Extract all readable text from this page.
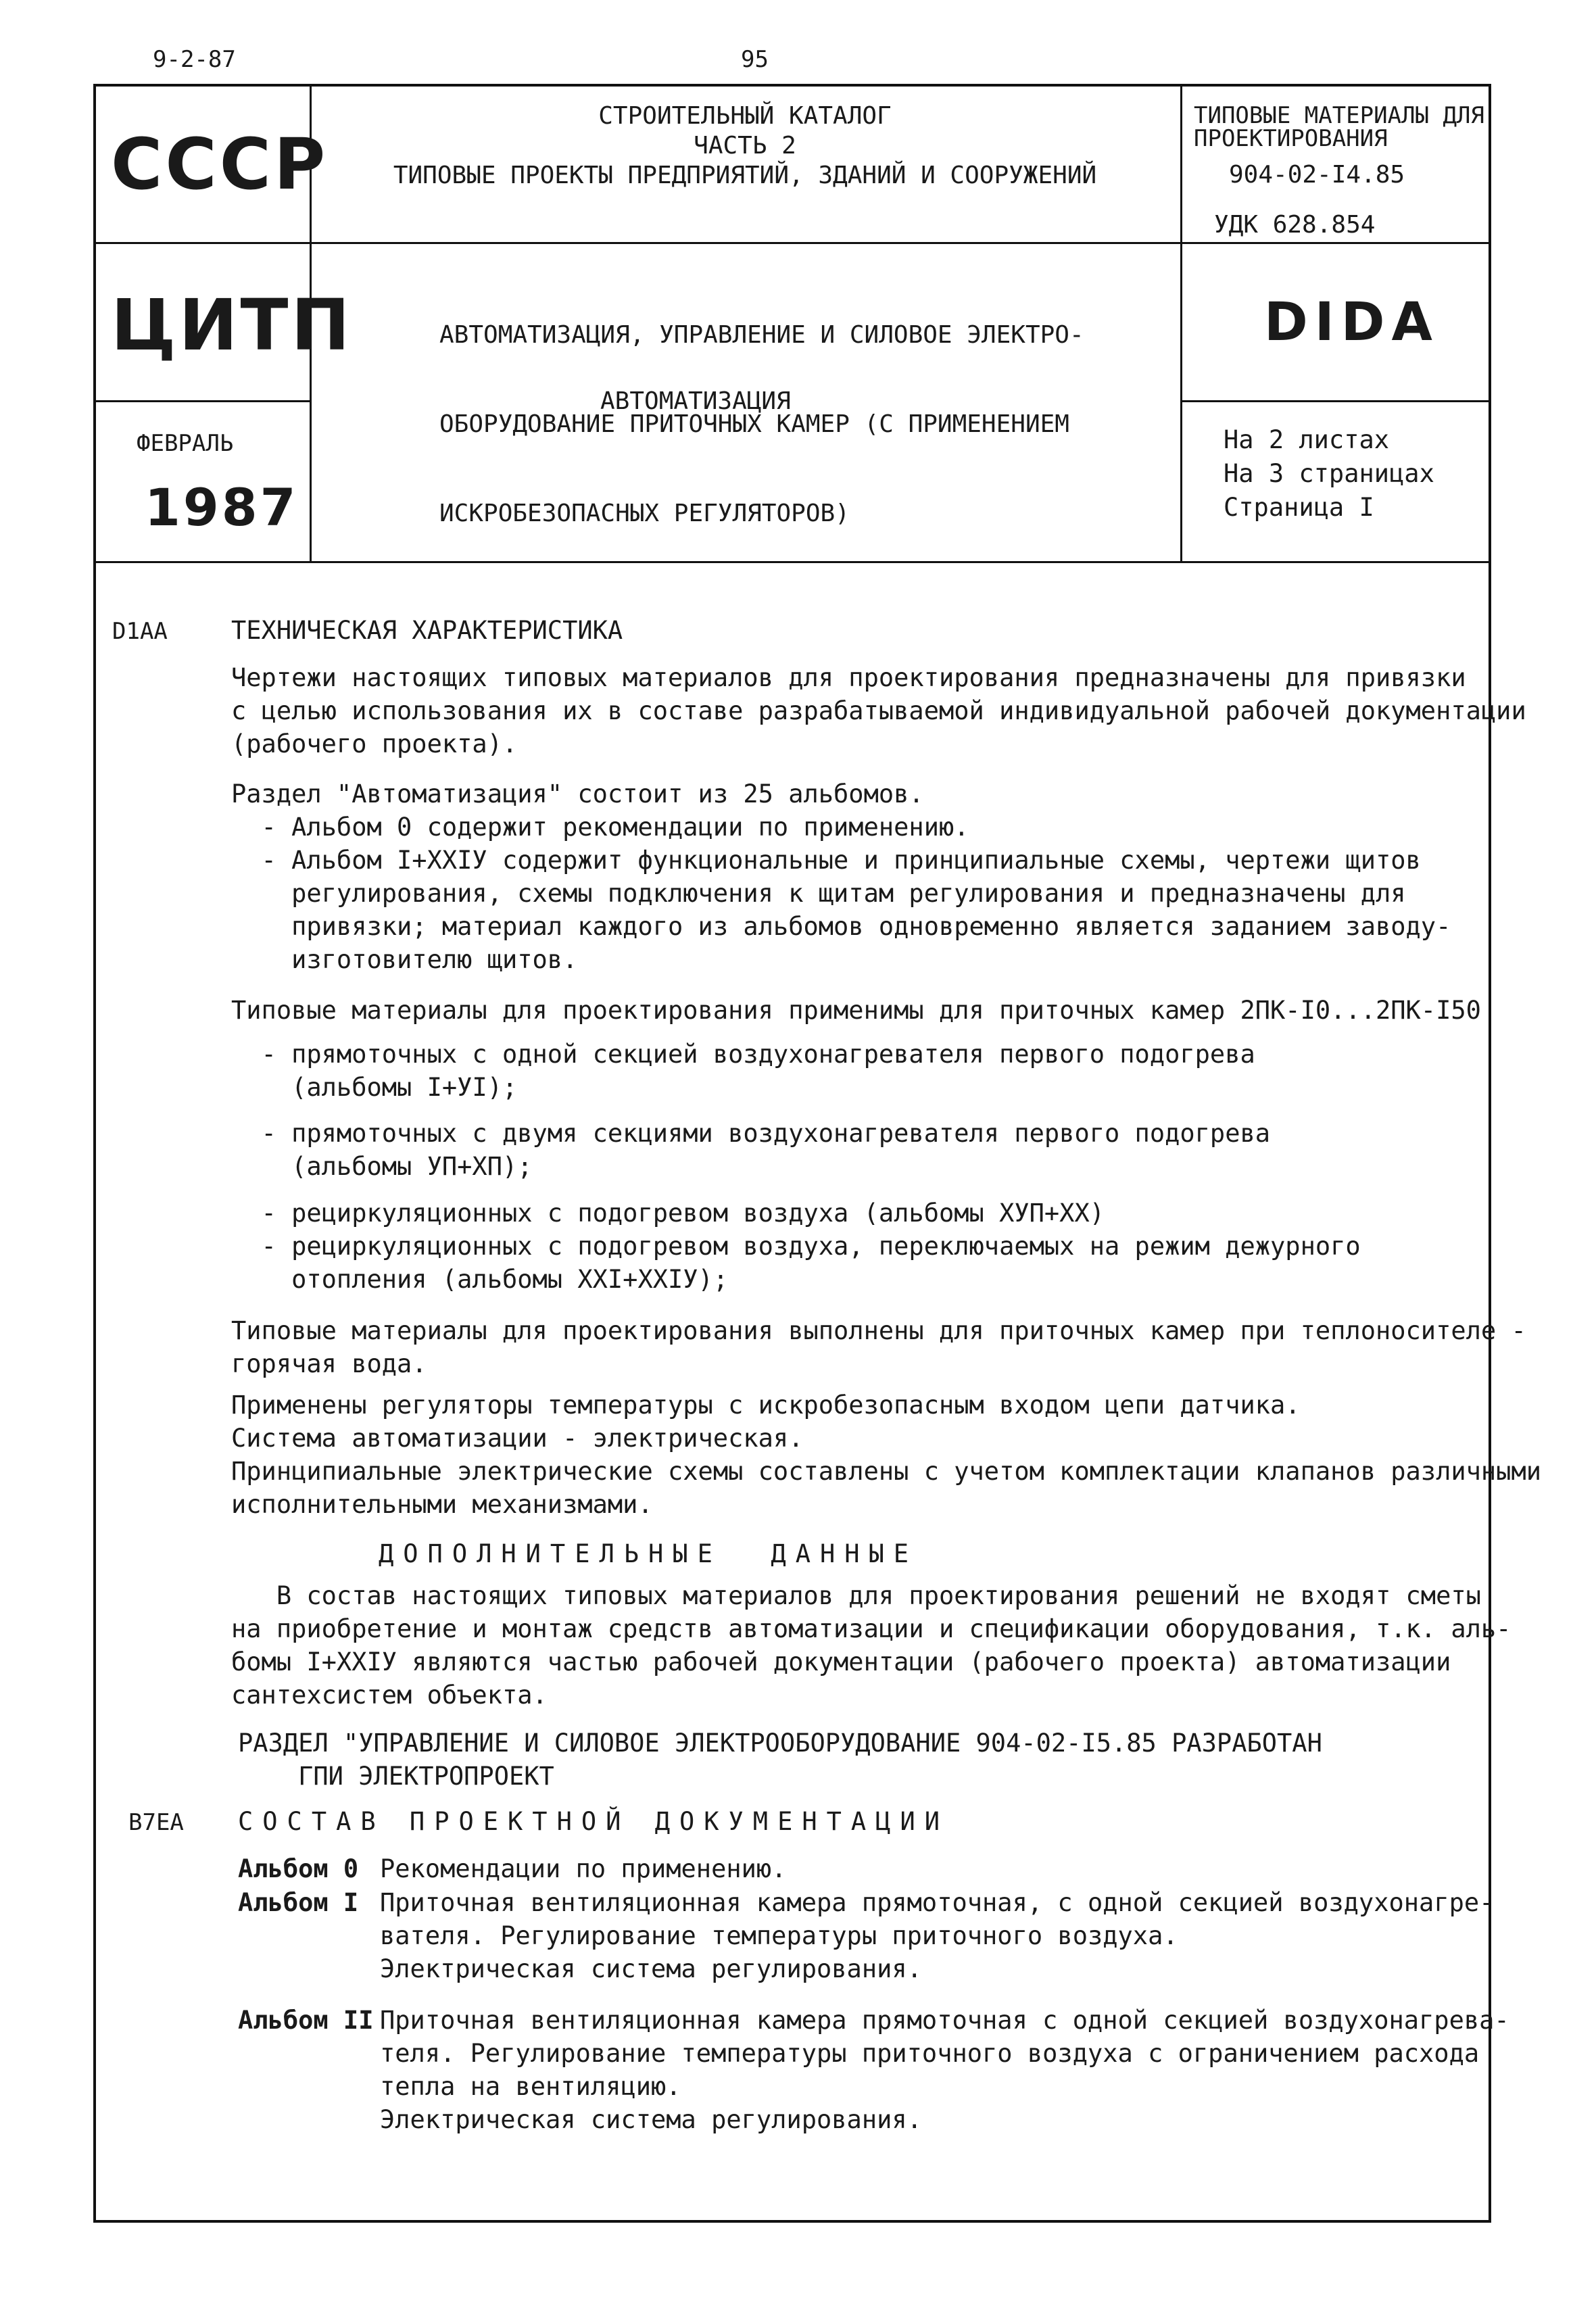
9-2-87	95
СССР
ЦИТП
ФЕВРАЛЬ
1987
СТРОИТЕЛЬНЫЙ КАТАЛОГ
ЧАСТЬ 2
ТИПОВЫЕ ПРОЕКТЫ ПРЕДПРИЯТИЙ, ЗДАНИЙ И СООРУЖЕНИЙ

АВТОМАТИЗАЦИЯ, УПРАВЛЕНИЕ И СИЛОВОЕ ЭЛЕКТРО-

ОБОРУДОВАНИЕ ПРИТОЧНЫХ КАМЕР (С ПРИМЕНЕНИЕМ

ИСКРОБЕЗОПАСНЫХ РЕГУЛЯТОРОВ)

АВТОМАТИЗАЦИЯ
ТИПОВЫЕ МАТЕРИАЛЫ ДЛЯ
ПРОЕКТИРОВАНИЯ
904-02-I4.85
УДК 628.854
DIDA
На 2 листах
На 3 страницах
Страница I
D1AA	ТЕХНИЧЕСКАЯ ХАРАКТЕРИСТИКА
Чертежи настоящих типовых материалов для проектирования предназначены для привязки
с целью использования их в составе разрабатываемой индивидуальной рабочей документации
(рабочего проекта).
Раздел "Автоматизация" состоит из 25 альбомов.
- Альбом 0 содержит рекомендации по применению.
- Альбом I+XXIУ содержит функциональные и принципиальные схемы, чертежи щитов
регулирования, схемы подключения к щитам регулирования и предназначены для
привязки; материал каждого из альбомов одновременно является заданием заводу-
изготовителю щитов.
Типовые материалы для проектирования применимы для приточных камер 2ПК-I0...2ПК-I50
- прямоточных с одной секцией воздухонагревателя первого подогрева
(альбомы I+УI);
- прямоточных с двумя секциями воздухонагревателя первого подогрева
(альбомы УП+ХП);
- рециркуляционных с подогревом воздуха (альбомы ХУП+ХХ)
- рециркуляционных с подогревом воздуха, переключаемых на режим дежурного
отопления (альбомы ХХI+ХХIУ);
Типовые материалы для проектирования выполнены для приточных камер при теплоносителе -
горячая вода.
Применены регуляторы температуры с искробезопасным входом цепи датчика.
Система автоматизации - электрическая.
Принципиальные электрические схемы составлены с учетом комплектации клапанов различными
исполнительными механизмами.
ДОПОЛНИТЕЛЬНЫЕ  ДАННЫЕ
В состав настоящих типовых материалов для проектирования решений не входят сметы
на приобретение и монтаж средств автоматизации и спецификации оборудования, т.к. аль-
бомы I+XXIУ являются частью рабочей документации (рабочего проекта) автоматизации
сантехсистем объекта.
РАЗДЕЛ "УПРАВЛЕНИЕ И СИЛОВОЕ ЭЛЕКТРООБОРУДОВАНИЕ 904-02-I5.85 РАЗРАБОТАН
ГПИ ЭЛЕКТРОПРОЕКТ
B7EA СОСТАВ ПРОЕКТНОЙ ДОКУМЕНТАЦИИ
Альбом 0 Рекомендации по применению.
Альбом I Приточная вентиляционная камера прямоточная, с одной секцией воздухонагре-
вателя. Регулирование температуры приточного воздуха.
Электрическая система регулирования.
Альбом II Приточная вентиляционная камера прямоточная с одной секцией воздухонагрева-
теля. Регулирование температуры приточного воздуха с ограничением расхода
тепла на вентиляцию.
Электрическая система регулирования.
